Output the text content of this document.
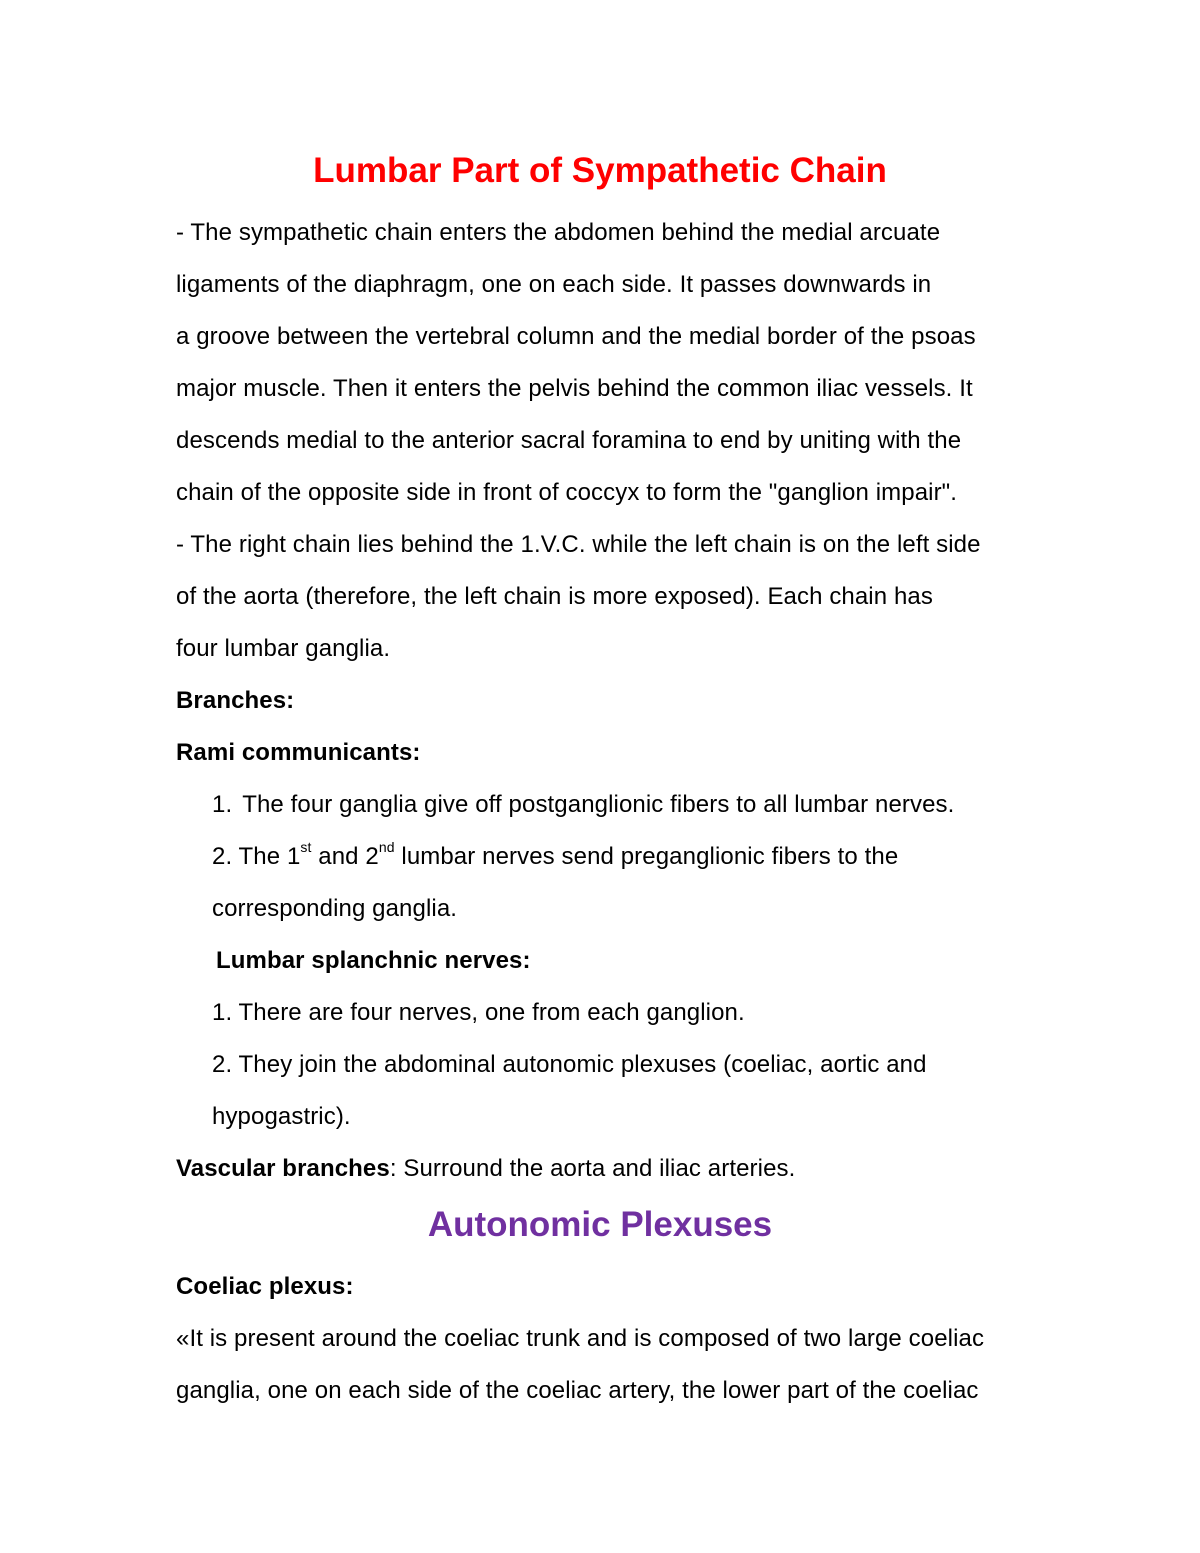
Lumbar Part of Sympathetic Chain
- The sympathetic chain enters the abdomen behind the medial arcuate
ligaments of the diaphragm, one on each side. It passes downwards in
a groove between the vertebral column and the medial border of the psoas
major muscle. Then it enters the pelvis behind the common iliac vessels. It
descends medial to the anterior sacral foramina to end by uniting with the
chain of the opposite side in front of coccyx to form the "ganglion impair".
- The right chain lies behind the 1.V.C. while the left chain is on the left side
of the aorta (therefore, the left chain is more exposed). Each chain has
four lumbar ganglia.
Branches:
Rami communicants:
1. The four ganglia give off postganglionic fibers to all lumbar nerves.
2. The 1st and 2nd lumbar nerves send preganglionic fibers to the
corresponding ganglia.
Lumbar splanchnic nerves:
1. There are four nerves, one from each ganglion.
2. They join the abdominal autonomic plexuses (coeliac, aortic and
hypogastric).
Vascular branches: Surround the aorta and iliac arteries.
Autonomic Plexuses
Coeliac plexus:
«It is present around the coeliac trunk and is composed of two large coeliac
ganglia, one on each side of the coeliac artery, the lower part of the coeliac
